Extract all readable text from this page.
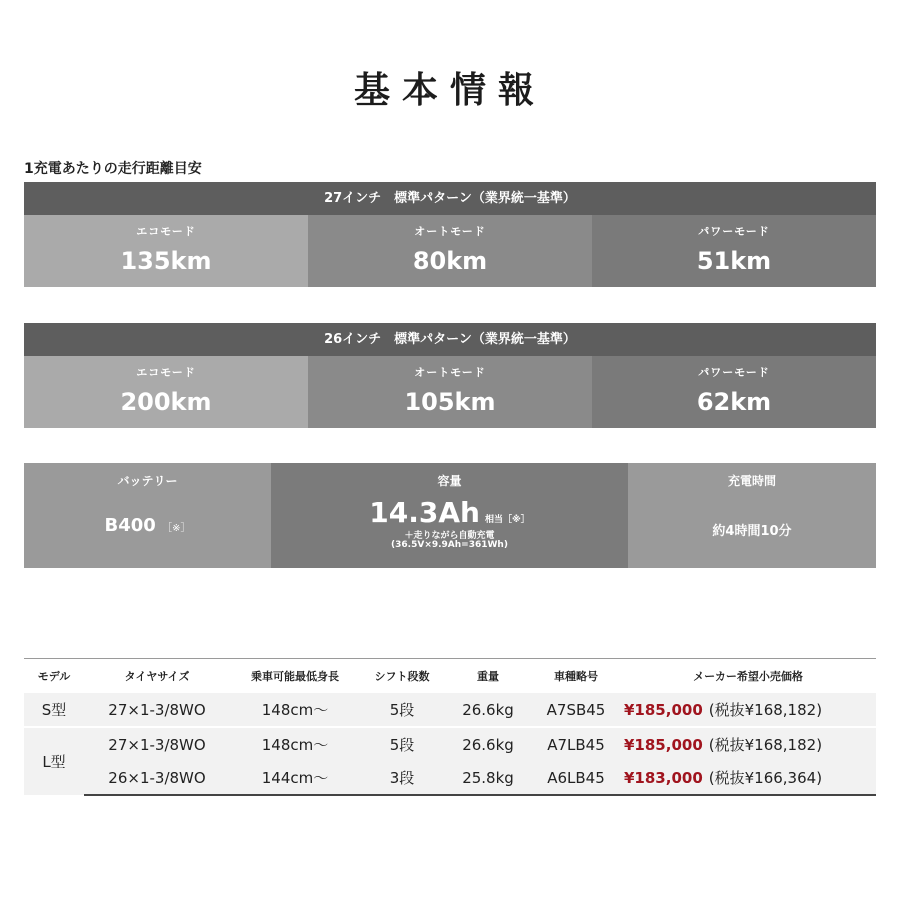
基本情報
1充電あたりの走行距離目安
27インチ　標準パターン（業界統一基準）
エコモード
135km
オートモード
80km
パワーモード
51km
26インチ　標準パターン（業界統一基準）
エコモード
200km
オートモード
105km
パワーモード
62km
バッテリー
B400 ［※］
容量
14.3Ah 相当［※］
＋走りながら自動充電
(36.5V×9.9Ah=361Wh)
充電時間
約4時間10分
モデル	タイヤサイズ	乗車可能最低身長	シフト段数	重量	車種略号	メーカー希望小売価格
S型	27×1-3/8WO	148cm～	5段	26.6kg	A7SB45	¥185,000 (税抜¥168,182)
L型	27×1-3/8WO	148cm～	5段	26.6kg	A7LB45	¥185,000 (税抜¥168,182)
	26×1-3/8WO	144cm～	3段	25.8kg	A6LB45	¥183,000 (税抜¥166,364)
